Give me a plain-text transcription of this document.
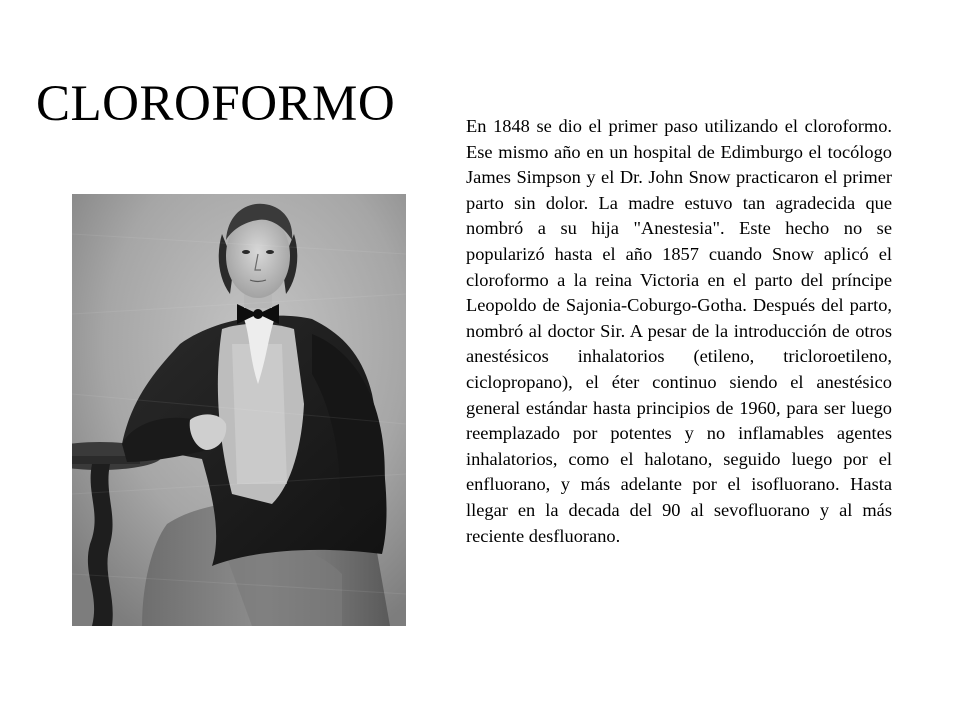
CLOROFORMO	En 1848 se dio el primer paso utilizando el cloroformo. Ese mismo año en un hospital de Edimburgo el tocólogo James Simpson y el Dr. John Snow practicaron el primer parto sin dolor. La madre estuvo tan agradecida que nombró a su hija "Anestesia". Este hecho no se popularizó hasta el año 1857 cuando Snow aplicó el cloroformo a la reina Victoria en el parto del príncipe Leopoldo de Sajonia-Coburgo-Gotha. Después del parto, nombró al doctor Sir. A pesar de la introducción de otros anestésicos inhalatorios (etileno, tricloroetileno, ciclopropano), el éter continuo siendo el anestésico general estándar hasta principios de 1960, para ser luego reemplazado por potentes y no inflamables agentes inhalatorios, como el halotano, seguido luego por el enfluorano, y más adelante por el isofluorano. Hasta llegar en la decada del 90 al sevofluorano y al más reciente desfluorano.
